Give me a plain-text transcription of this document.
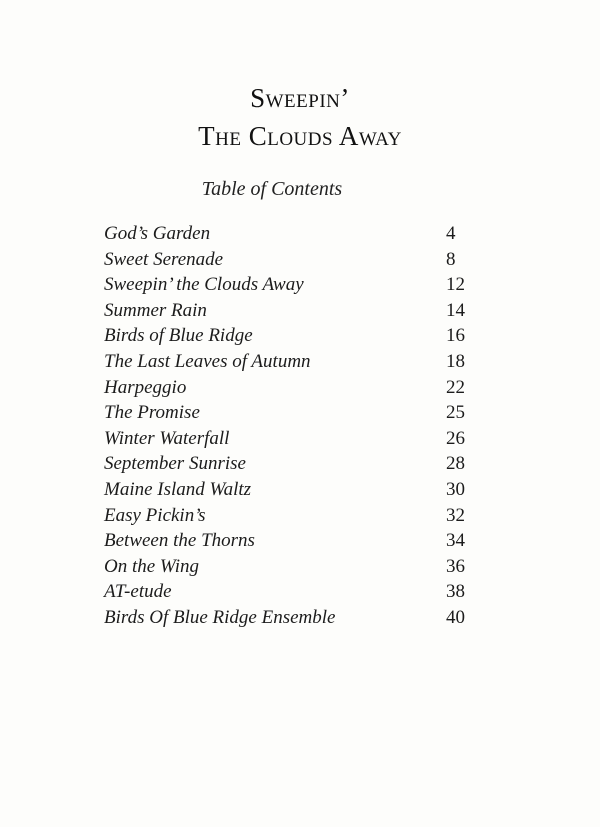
Sweepin’
The Clouds Away
Table of Contents
God’s Garden	4
Sweet Serenade	8
Sweepin’ the Clouds Away	12
Summer Rain	14
Birds of Blue Ridge	16
The Last Leaves of Autumn	18
Harpeggio	22
The Promise	25
Winter Waterfall	26
September Sunrise	28
Maine Island Waltz	30
Easy Pickin’s	32
Between the Thorns	34
On the Wing	36
AT-etude	38
Birds Of Blue Ridge Ensemble	40
